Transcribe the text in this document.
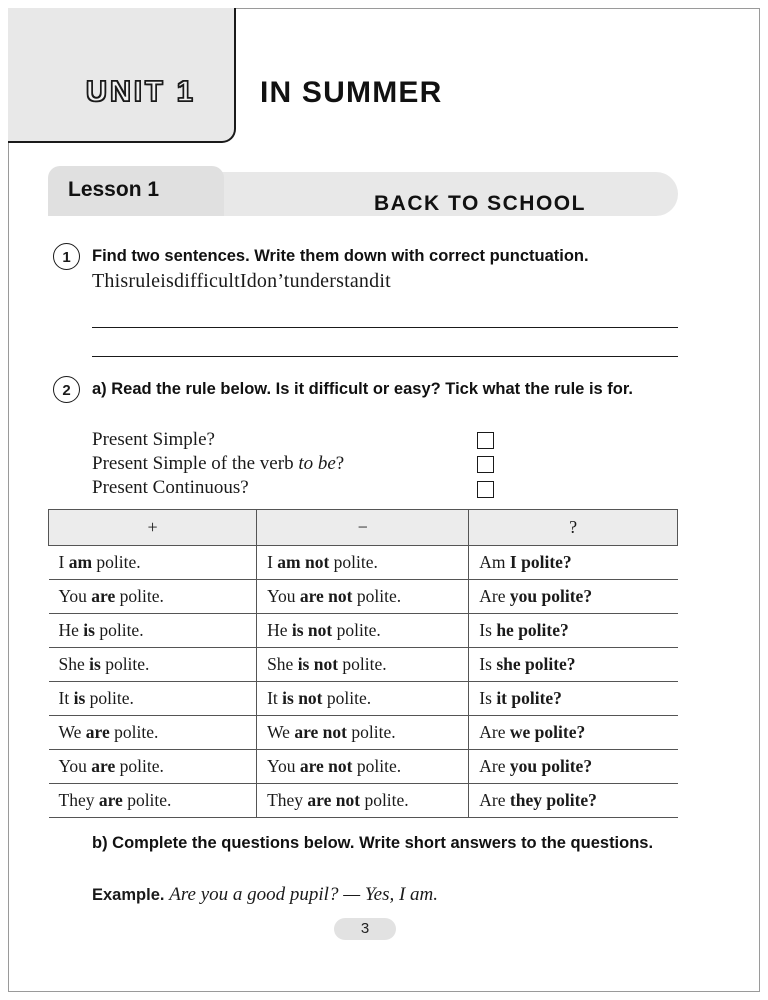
UNIT 1 IN SUMMER
Lesson 1
BACK TO SCHOOL
1	Find two sentences. Write them down with correct punctuation.
ThisruleisdifficultIdon’tunderstandit
2	a) Read the rule below. Is it difficult or easy? Tick what the rule is for.
Present Simple?
Present Simple of the verb to be?
Present Continuous?
+	−	?
I am polite.	I am not polite.	Am I polite?
You are polite.	You are not polite.	Are you polite?
He is polite.	He is not polite.	Is he polite?
She is polite.	She is not polite.	Is she polite?
It is polite.	It is not polite.	Is it polite?
We are polite.	We are not polite.	Are we polite?
You are polite.	You are not polite.	Are you polite?
They are polite.	They are not polite.	Are they polite?
b) Complete the questions below. Write short answers to the questions.
Example. Are you a good pupil? — Yes, I am.
3
